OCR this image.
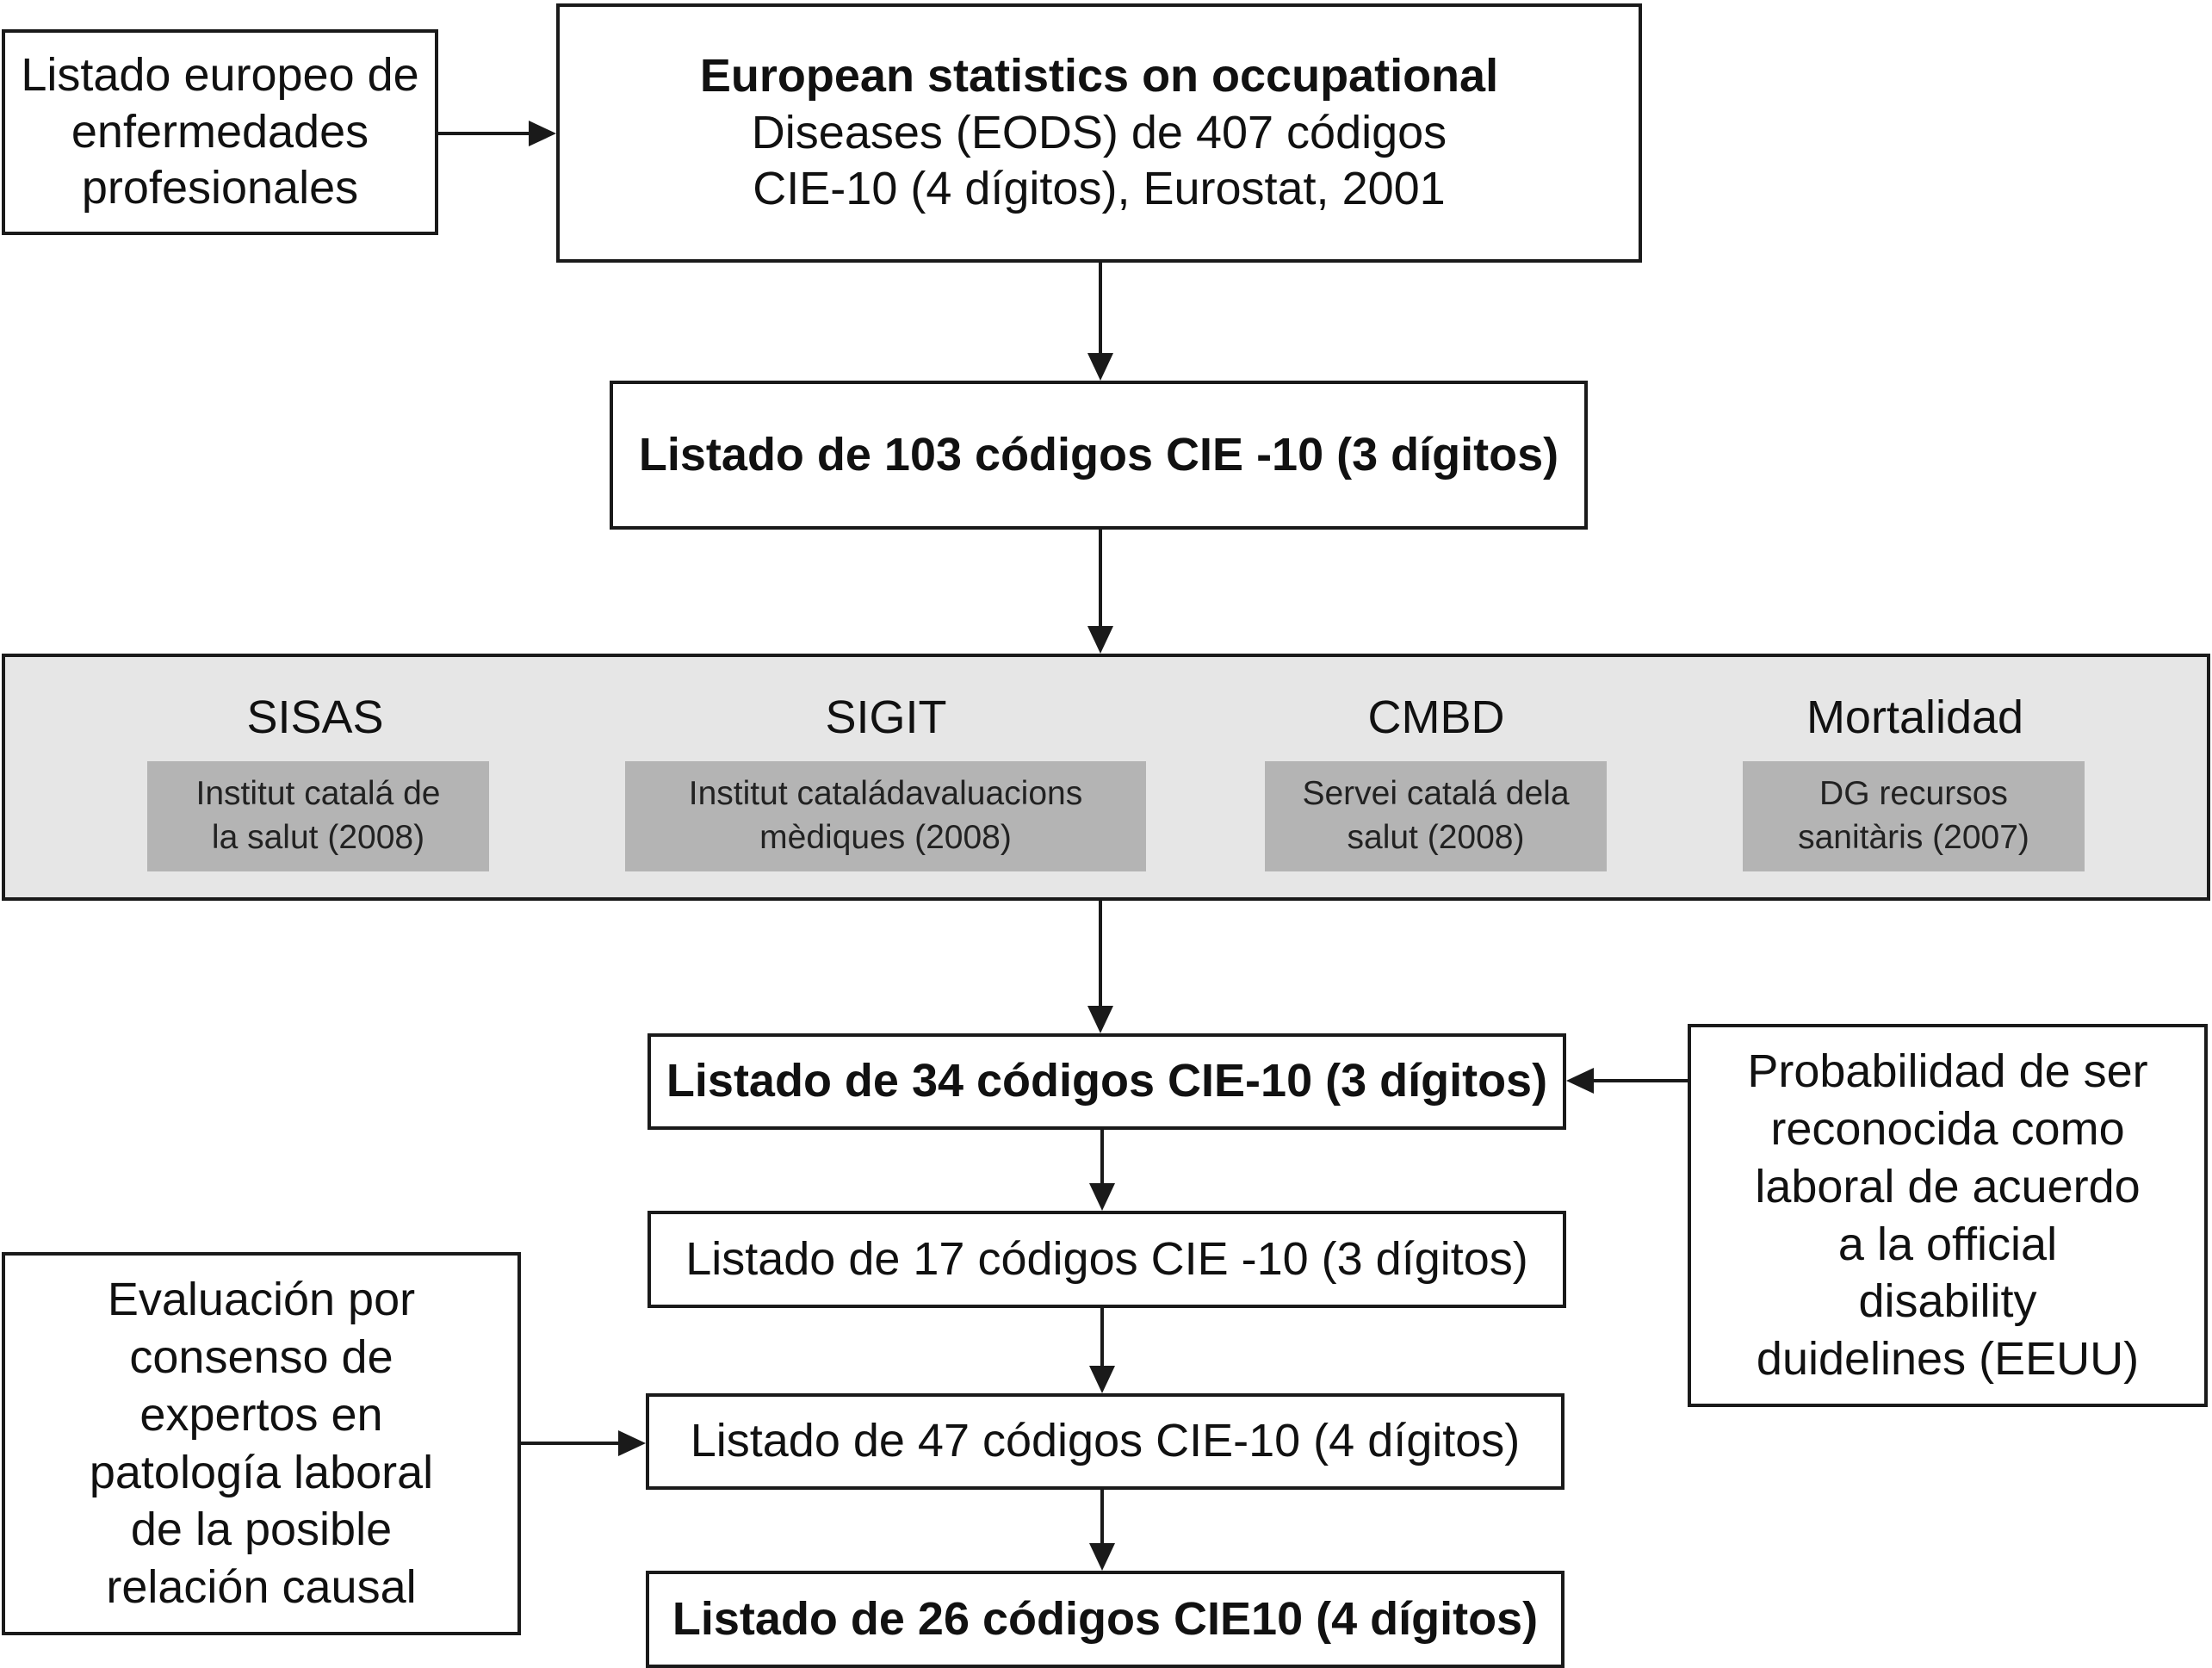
Listado europeo de
enfermedades
profesionales
European statistics on occupational
Diseases (EODS) de 407 códigos
CIE-10 (4 dígitos), Eurostat, 2001
Listado de 103 códigos CIE -10 (3 dígitos)
SISAS
Institut catalá de
la salut (2008)
SIGIT
Institut cataládavaluacions
mèdiques (2008)
CMBD
Servei catalá dela
salut (2008)
Mortalidad
DG recursos
sanitàris (2007)
Listado de 34 códigos CIE-10 (3 dígitos)	Probabilidad de ser
reconocida como
laboral de acuerdo
a la official
disability
duidelines (EEUU)
Listado de 17 códigos CIE -10 (3 dígitos)
Evaluación por
consenso de
expertos en
patología laboral
de la posible
relación causal
Listado de 47 códigos CIE-10 (4 dígitos)
Listado de 26 códigos CIE10 (4 dígitos)
